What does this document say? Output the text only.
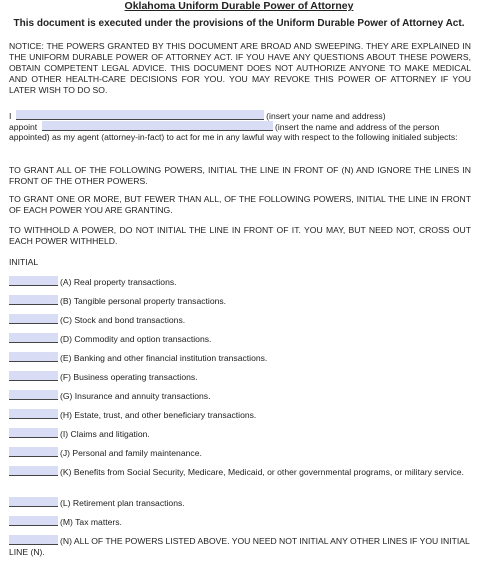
Oklahoma Uniform Durable Power of Attorney
This document is executed under the provisions of the Uniform Durable Power of Attorney Act.
NOTICE: THE POWERS GRANTED BY THIS DOCUMENT ARE BROAD AND SWEEPING. THEY ARE EXPLAINED IN THE UNIFORM DURABLE POWER OF ATTORNEY ACT. IF YOU HAVE ANY QUESTIONS ABOUT THESE POWERS, OBTAIN COMPETENT LEGAL ADVICE. THIS DOCUMENT DOES NOT AUTHORIZE ANYONE TO MAKE MEDICAL AND OTHER HEALTH-CARE DECISIONS FOR YOU. YOU MAY REVOKE THIS POWER OF ATTORNEY IF YOU LATER WISH TO DO SO.
I	(insert your name and address)
appoint	(insert the name and address of the person
appointed) as my agent (attorney-in-fact) to act for me in any lawful way with respect to the following initialed subjects:
TO GRANT ALL OF THE FOLLOWING POWERS, INITIAL THE LINE IN FRONT OF (N) AND IGNORE THE LINES IN FRONT OF THE OTHER POWERS.
TO GRANT ONE OR MORE, BUT FEWER THAN ALL, OF THE FOLLOWING POWERS, INITIAL THE LINE IN FRONT OF EACH POWER YOU ARE GRANTING.
TO WITHHOLD A POWER, DO NOT INITIAL THE LINE IN FRONT OF IT. YOU MAY, BUT NEED NOT, CROSS OUT EACH POWER WITHHELD.
INITIAL
(A) Real property transactions.
(B) Tangible personal property transactions.
(C) Stock and bond transactions.
(D) Commodity and option transactions.
(E) Banking and other financial institution transactions.
(F) Business operating transactions.
(G) Insurance and annuity transactions.
(H) Estate, trust, and other beneficiary transactions.
(I) Claims and litigation.
(J) Personal and family maintenance.
(K) Benefits from Social Security, Medicare, Medicaid, or other governmental programs, or military service.
(L) Retirement plan transactions.
(M) Tax matters.
(N) ALL OF THE POWERS LISTED ABOVE. YOU NEED NOT INITIAL ANY OTHER LINES IF YOU INITIAL LINE (N).
